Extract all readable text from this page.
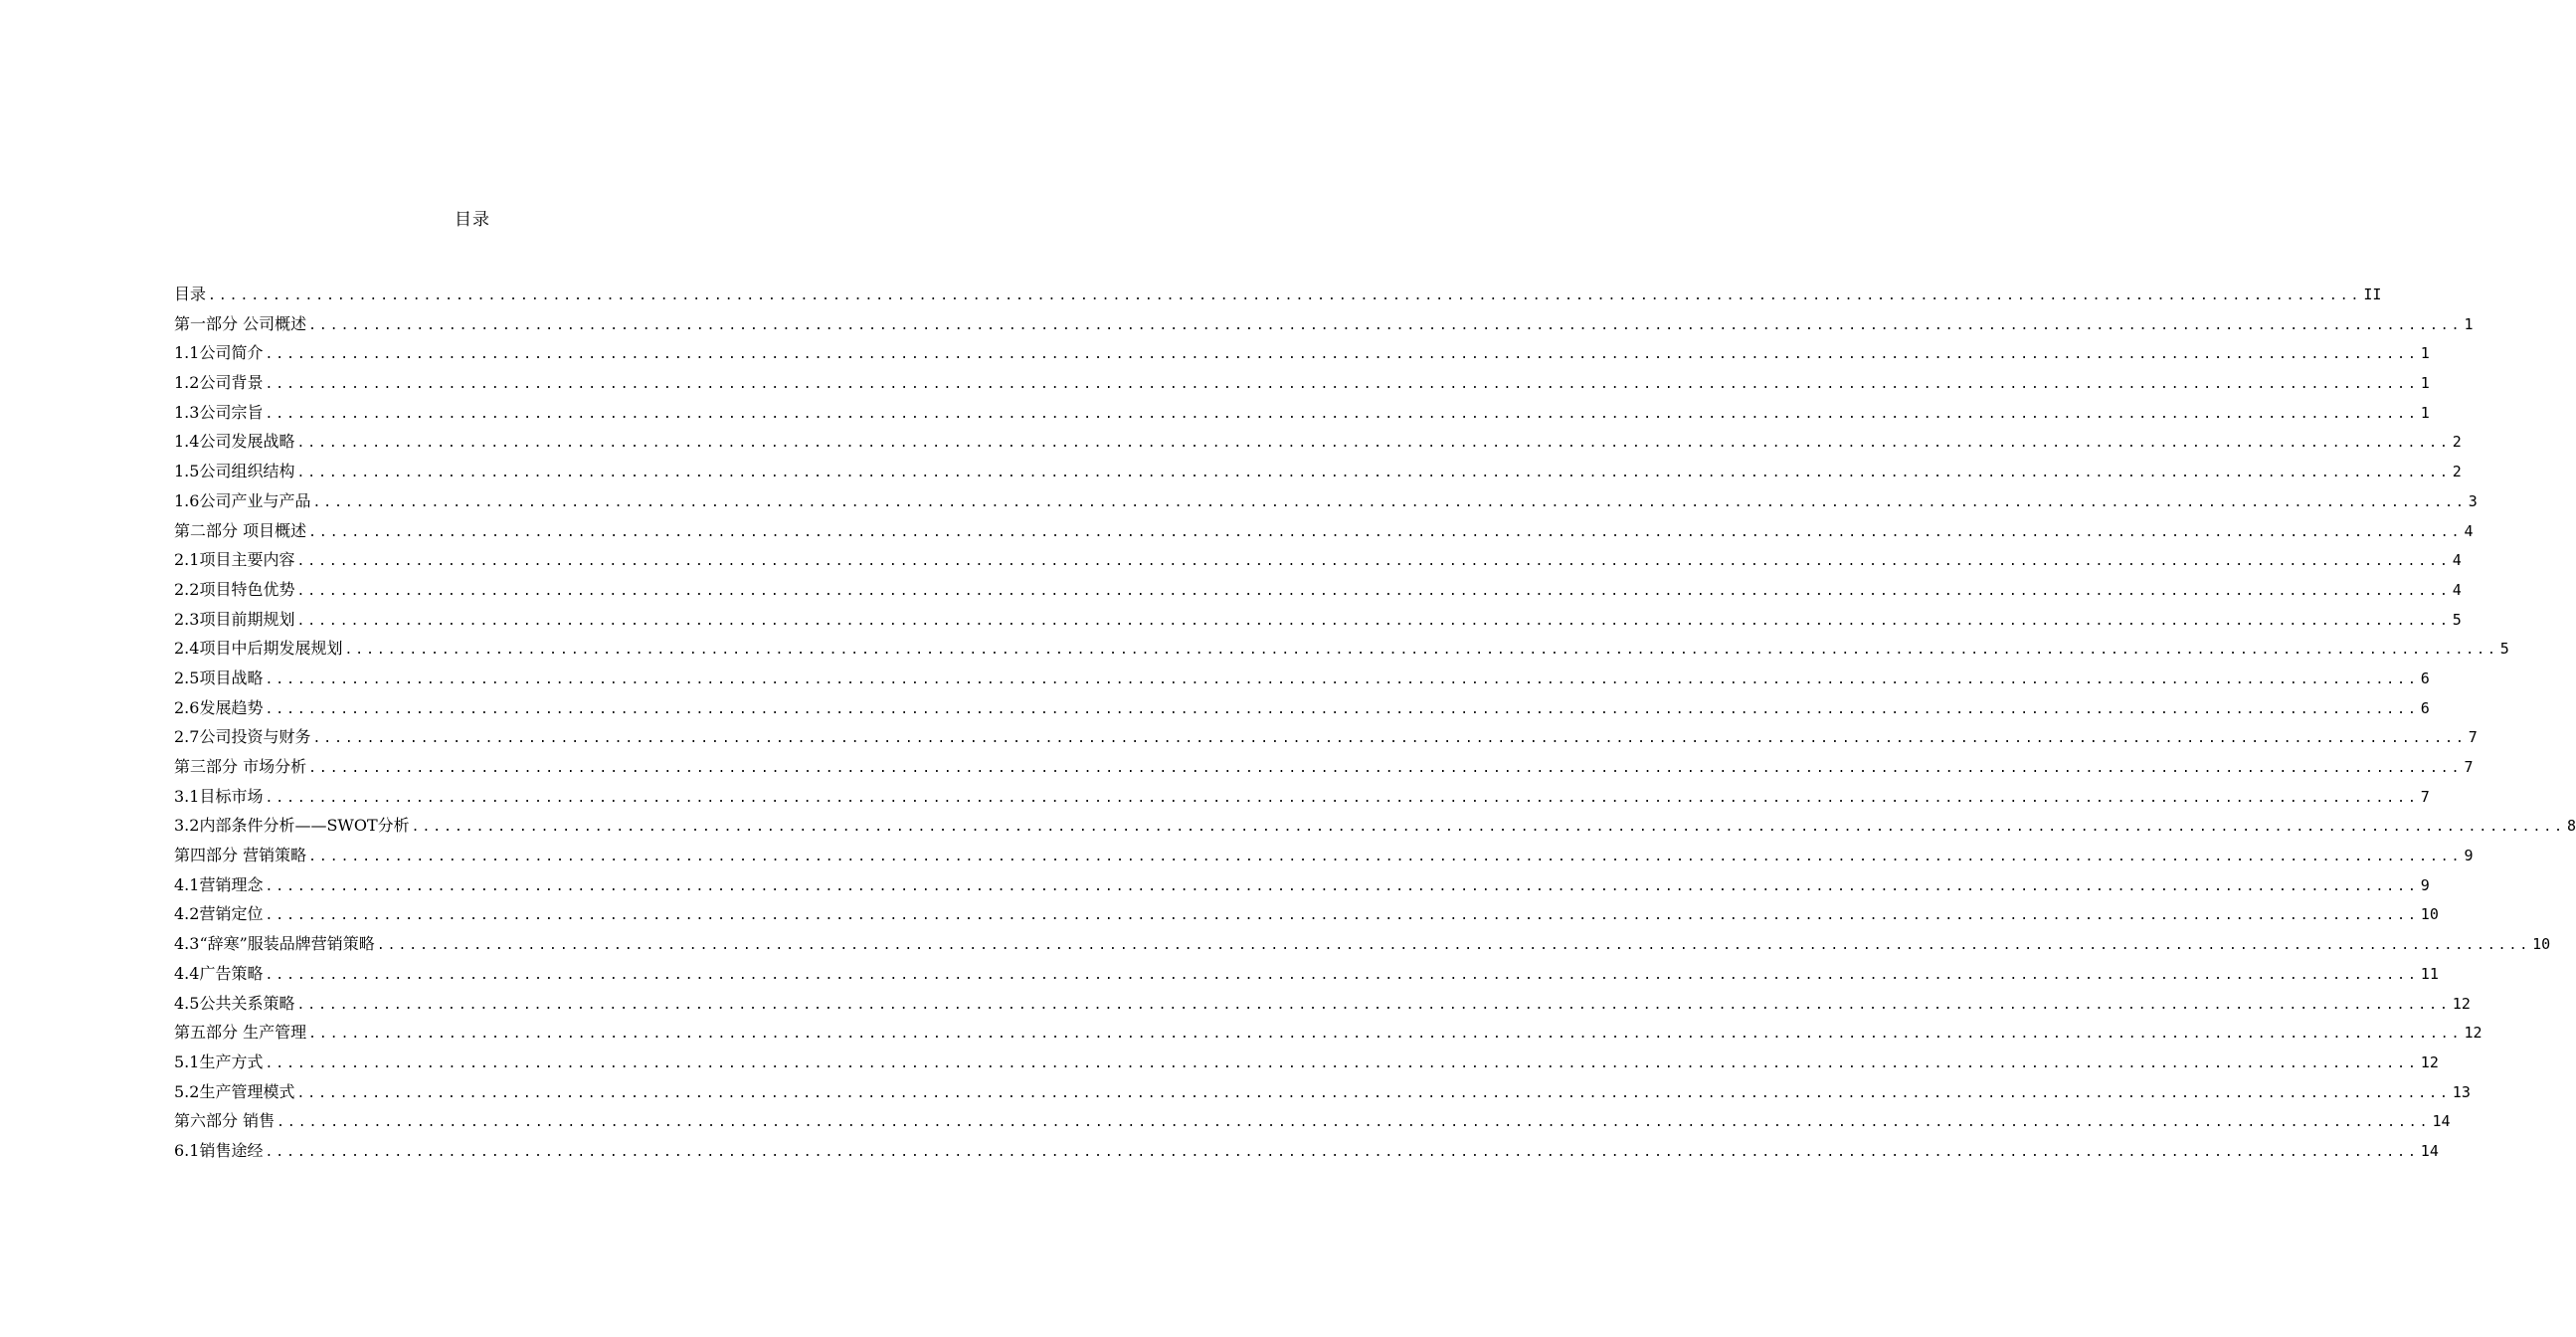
目录
目录 ........................................................................................................................................................................................................ II
第一部分 公司概述 ........................................................................................................................................................................................................ 1
1.1公司简介 ........................................................................................................................................................................................................ 1
1.2公司背景 ........................................................................................................................................................................................................ 1
1.3公司宗旨 ........................................................................................................................................................................................................ 1
1.4公司发展战略 ........................................................................................................................................................................................................ 2
1.5公司组织结构 ........................................................................................................................................................................................................ 2
1.6公司产业与产品 ........................................................................................................................................................................................................ 3
第二部分 项目概述 ........................................................................................................................................................................................................ 4
2.1项目主要内容 ........................................................................................................................................................................................................ 4
2.2项目特色优势 ........................................................................................................................................................................................................ 4
2.3项目前期规划 ........................................................................................................................................................................................................ 5
2.4项目中后期发展规划 ........................................................................................................................................................................................................ 5
2.5项目战略 ........................................................................................................................................................................................................ 6
2.6发展趋势 ........................................................................................................................................................................................................ 6
2.7公司投资与财务 ........................................................................................................................................................................................................ 7
第三部分 市场分析 ........................................................................................................................................................................................................ 7
3.1目标市场 ........................................................................................................................................................................................................ 7
3.2内部条件分析——SWOT分析 ........................................................................................................................................................................................................ 8
第四部分 营销策略 ........................................................................................................................................................................................................ 9
4.1营销理念 ........................................................................................................................................................................................................ 9
4.2营销定位 ........................................................................................................................................................................................................ 10
4.3“辞寒”服装品牌营销策略 ........................................................................................................................................................................................................ 10
4.4广告策略 ........................................................................................................................................................................................................ 11
4.5公共关系策略 ........................................................................................................................................................................................................ 12
第五部分 生产管理 ........................................................................................................................................................................................................ 12
5.1生产方式 ........................................................................................................................................................................................................ 12
5.2生产管理模式 ........................................................................................................................................................................................................ 13
第六部分 销售 ........................................................................................................................................................................................................ 14
6.1销售途经 ........................................................................................................................................................................................................ 14
